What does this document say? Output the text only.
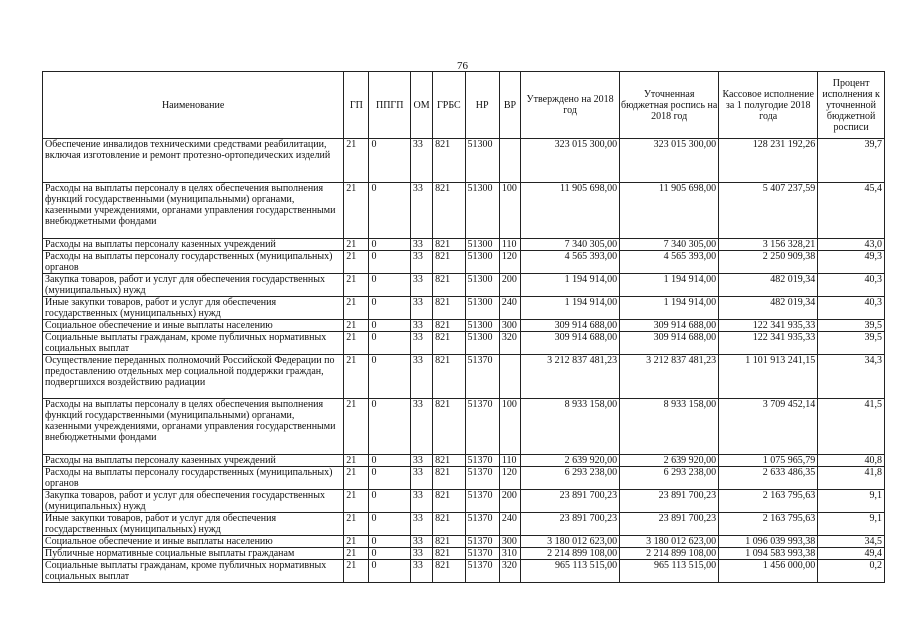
76
Наименование	ГП	ППГП	ОМ	ГРБС	НР	ВР	Утверждено на 2018 год	Уточненная бюджетная роспись на 2018 год	Кассовое исполнение за 1 полугодие 2018 года	Процент исполнения к уточненной бюджетной росписи
Обеспечение инвалидов техническими средствами реабилитации, включая изготовление и ремонт протезно-ортопедических изделий	21	0	33	821	51300		323 015 300,00	323 015 300,00	128 231 192,26	39,7
Расходы на выплаты персоналу в целях обеспечения выполнения функций государственными (муниципальными) органами, казенными учреждениями, органами управления государственными внебюджетными фондами	21	0	33	821	51300	100	11 905 698,00	11 905 698,00	5 407 237,59	45,4
Расходы на выплаты персоналу казенных учреждений	21	0	33	821	51300	110	7 340 305,00	7 340 305,00	3 156 328,21	43,0
Расходы на выплаты персоналу государственных (муниципальных) органов	21	0	33	821	51300	120	4 565 393,00	4 565 393,00	2 250 909,38	49,3
Закупка товаров, работ и услуг для обеспечения государственных (муниципальных) нужд	21	0	33	821	51300	200	1 194 914,00	1 194 914,00	482 019,34	40,3
Иные закупки товаров, работ и услуг для обеспечения государственных (муниципальных) нужд	21	0	33	821	51300	240	1 194 914,00	1 194 914,00	482 019,34	40,3
Социальное обеспечение и иные выплаты населению	21	0	33	821	51300	300	309 914 688,00	309 914 688,00	122 341 935,33	39,5
Социальные выплаты гражданам, кроме публичных нормативных социальных выплат	21	0	33	821	51300	320	309 914 688,00	309 914 688,00	122 341 935,33	39,5
Осуществление переданных полномочий Российской Федерации по предоставлению отдельных мер социальной поддержки граждан, подвергшихся воздействию радиации	21	0	33	821	51370		3 212 837 481,23	3 212 837 481,23	1 101 913 241,15	34,3
Расходы на выплаты персоналу в целях обеспечения выполнения функций государственными (муниципальными) органами, казенными учреждениями, органами управления государственными внебюджетными фондами	21	0	33	821	51370	100	8 933 158,00	8 933 158,00	3 709 452,14	41,5
Расходы на выплаты персоналу казенных учреждений	21	0	33	821	51370	110	2 639 920,00	2 639 920,00	1 075 965,79	40,8
Расходы на выплаты персоналу государственных (муниципальных) органов	21	0	33	821	51370	120	6 293 238,00	6 293 238,00	2 633 486,35	41,8
Закупка товаров, работ и услуг для обеспечения государственных (муниципальных) нужд	21	0	33	821	51370	200	23 891 700,23	23 891 700,23	2 163 795,63	9,1
Иные закупки товаров, работ и услуг для обеспечения государственных (муниципальных) нужд	21	0	33	821	51370	240	23 891 700,23	23 891 700,23	2 163 795,63	9,1
Социальное обеспечение и иные выплаты населению	21	0	33	821	51370	300	3 180 012 623,00	3 180 012 623,00	1 096 039 993,38	34,5
Публичные нормативные социальные выплаты гражданам	21	0	33	821	51370	310	2 214 899 108,00	2 214 899 108,00	1 094 583 993,38	49,4
Социальные выплаты гражданам, кроме публичных нормативных социальных выплат	21	0	33	821	51370	320	965 113 515,00	965 113 515,00	1 456 000,00	0,2
